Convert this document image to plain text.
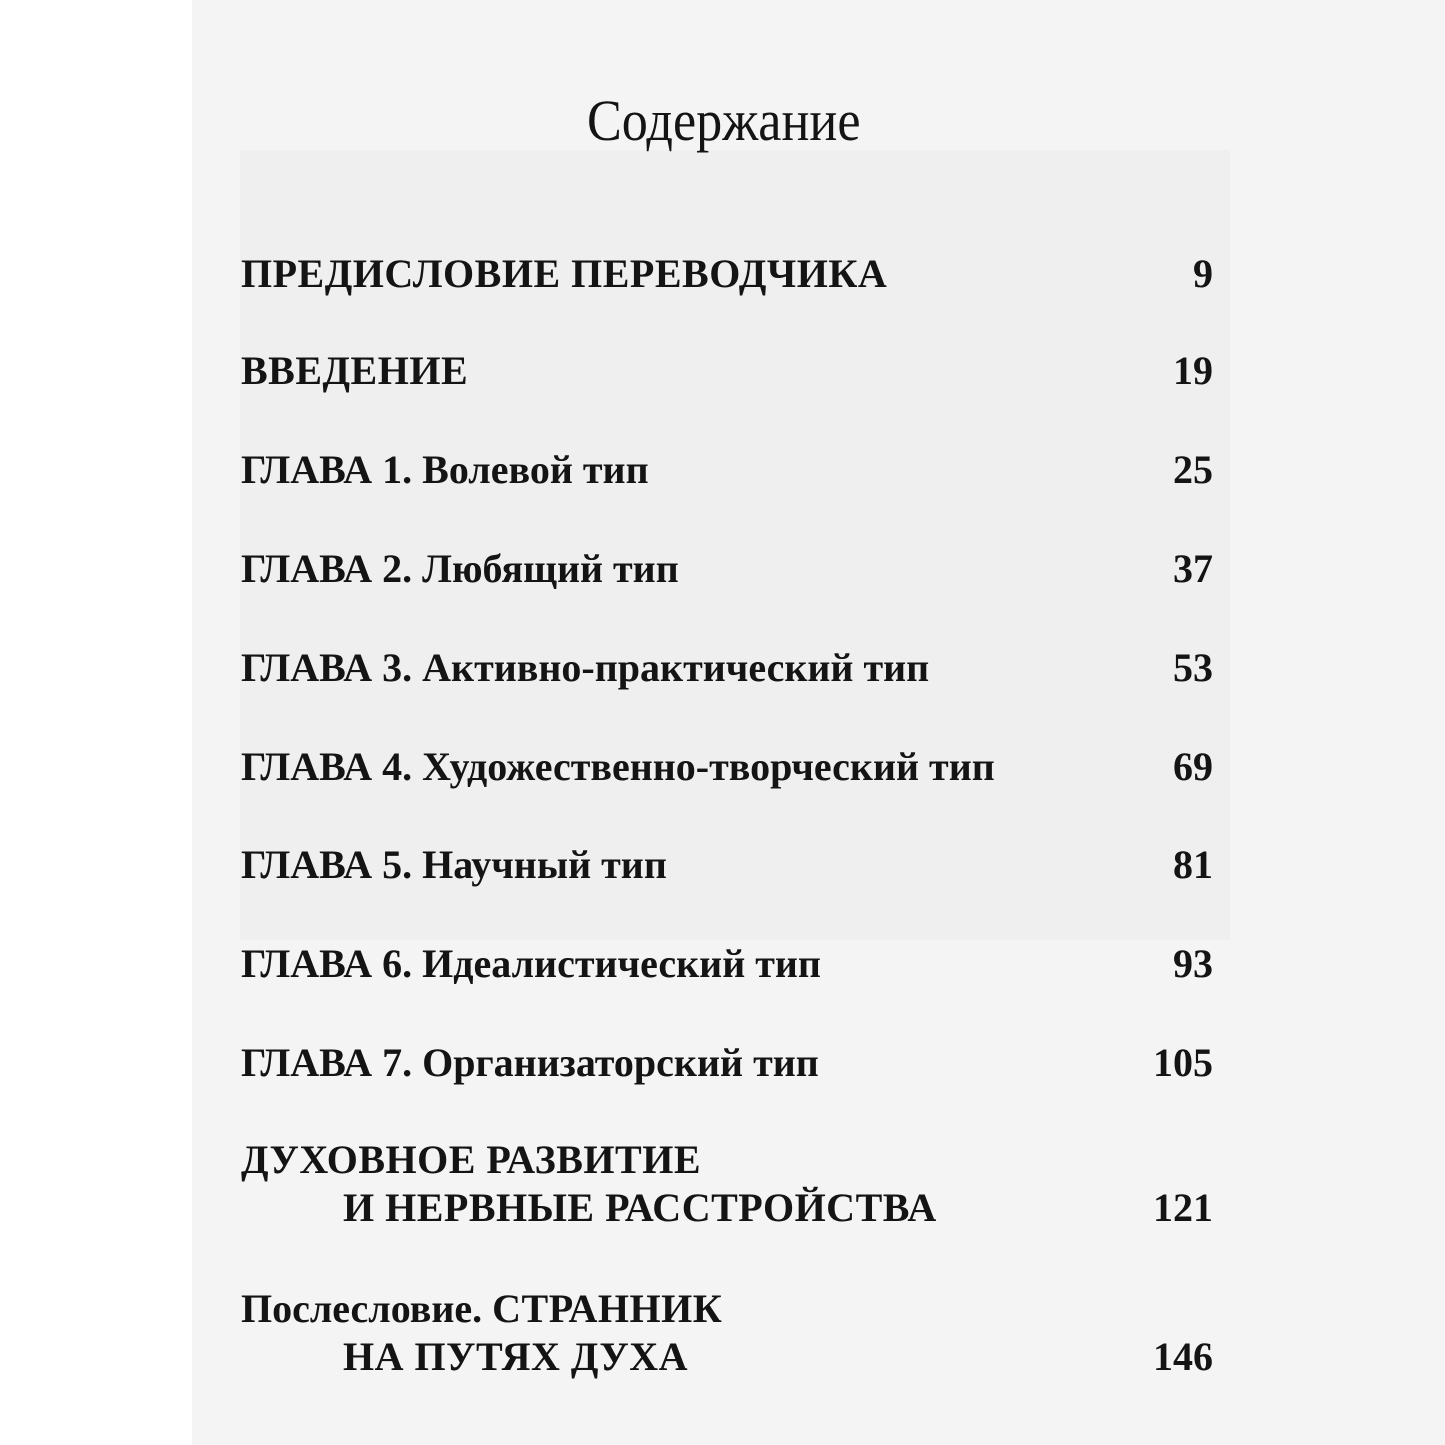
Содержание
ПРЕДИСЛОВИЕ ПЕРЕВОДЧИКА	9
ВВЕДЕНИЕ	19
ГЛАВА 1. Волевой тип	25
ГЛАВА 2. Любящий тип	37
ГЛАВА 3. Активно-практический тип	53
ГЛАВА 4. Художественно-творческий тип	69
ГЛАВА 5. Научный тип	81
ГЛАВА 6. Идеалистический тип	93
ГЛАВА 7. Организаторский тип	105
ДУХОВНОЕ РАЗВИТИЕ
И НЕРВНЫЕ РАССТРОЙСТВА	121
Послесловие. СТРАННИК
НА ПУТЯХ ДУХА	146
